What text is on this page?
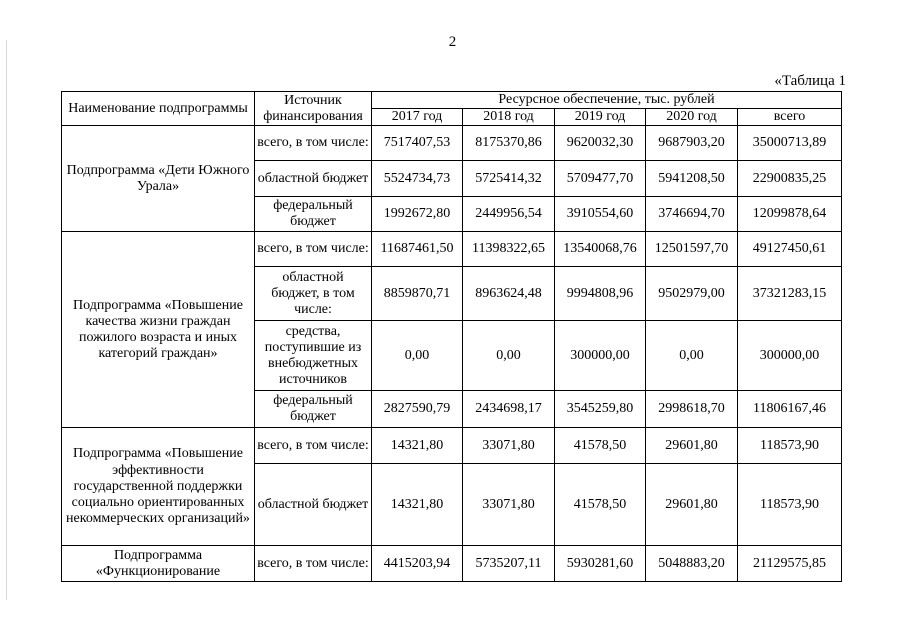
2
«Таблица 1
Наименование подпрограммы	Источник финансирования	Ресурсное обеспечение, тыс. рублей				
		2017 год	2018 год	2019 год	2020 год	всего
Подпрограмма «Дети Южного Урала»	всего, в том числе:	7517407,53	8175370,86	9620032,30	9687903,20	35000713,89
	областной бюджет	5524734,73	5725414,32	5709477,70	5941208,50	22900835,25
	федеральный бюджет	1992672,80	2449956,54	3910554,60	3746694,70	12099878,64
Подпрограмма «Повышение качества жизни граждан пожилого возраста и иных категорий граждан»	всего, в том числе:	11687461,50	11398322,65	13540068,76	12501597,70	49127450,61
	областной бюджет, в том числе:	8859870,71	8963624,48	9994808,96	9502979,00	37321283,15
	средства, поступившие из внебюджетных источников	0,00	0,00	300000,00	0,00	300000,00
	федеральный бюджет	2827590,79	2434698,17	3545259,80	2998618,70	11806167,46
Подпрограмма «Повышение эффективности государственной поддержки социально ориентированных некоммерческих организаций»	всего, в том числе:	14321,80	33071,80	41578,50	29601,80	118573,90
	областной бюджет	14321,80	33071,80	41578,50	29601,80	118573,90
Подпрограмма «Функционирование	всего, в том числе:	4415203,94	5735207,11	5930281,60	5048883,20	21129575,85
